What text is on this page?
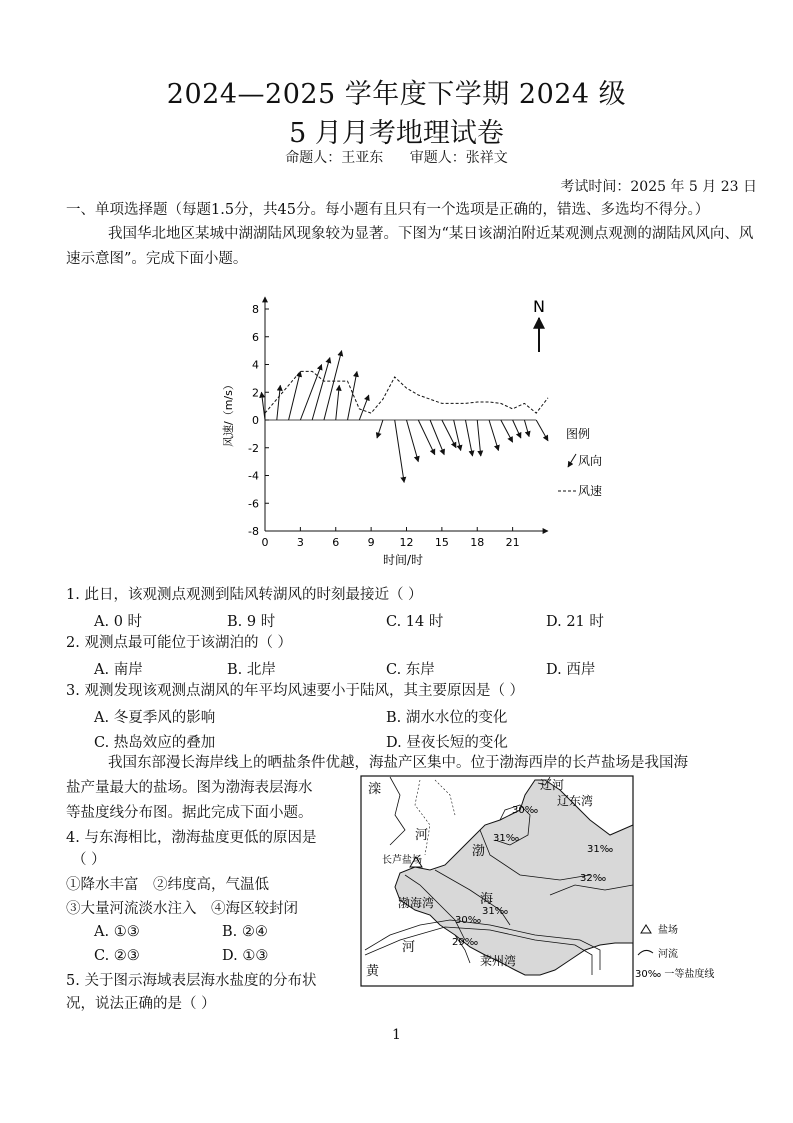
2024—2025 学年度下学期 2024 级
5 月月考地理试卷
命题人：王亚东 审题人：张祥文
考试时间：2025 年 5 月 23 日
一、单项选择题（每题1.5分，共45分。每小题有且只有一个选项是正确的，错选、多选均不得分。）
我国华北地区某城中湖湖陆风现象较为显著。下图为“某日该湖泊附近某观测点观测的湖陆风风向、风速示意图”。完成下面小题。
8
6
4
2
0
-2
-4
-6
-8
0	3	6	9 12 15 18 21
风速/（m/s）
时间/时
N
图例
风向
风速
1. 此日，该观测点观测到陆风转湖风的时刻最接近（ ）
A. 0 时	B. 9 时	C. 14 时	D. 21 时
2. 观测点最可能位于该湖泊的（ ）
A. 南岸	B. 北岸	C. 东岸	D. 西岸
3. 观测发现该观测点湖风的年平均风速要小于陆风，其主要原因是（ ）
A. 冬夏季风的影响	B. 湖水水位的变化
C. 热岛效应的叠加	D. 昼夜长短的变化
我国东部漫长海岸线上的晒盐条件优越，海盐产区集中。位于渤海西岸的长芦盐场是我国海
盐产量最大的盐场。图为渤海表层海水
等盐度线分布图。据此完成下面小题。
4. 与东海相比，渤海盐度更低的原因是
（ ）
①降水丰富　②纬度高，气温低
③大量河流淡水注入　④海区较封闭
A. ①③	B. ②④
C. ②③	D. ①③
5. 关于图示海域表层海水盐度的分布状
况，说法正确的是（ ）
滦
河
长芦盐场
渤海湾
渤
海
辽河
辽东湾
河
黄
莱州湾
30‰
31‰
31‰
32‰
30‰
31‰
29‰
盐场
河流
30‰ 一等盐度线
1
